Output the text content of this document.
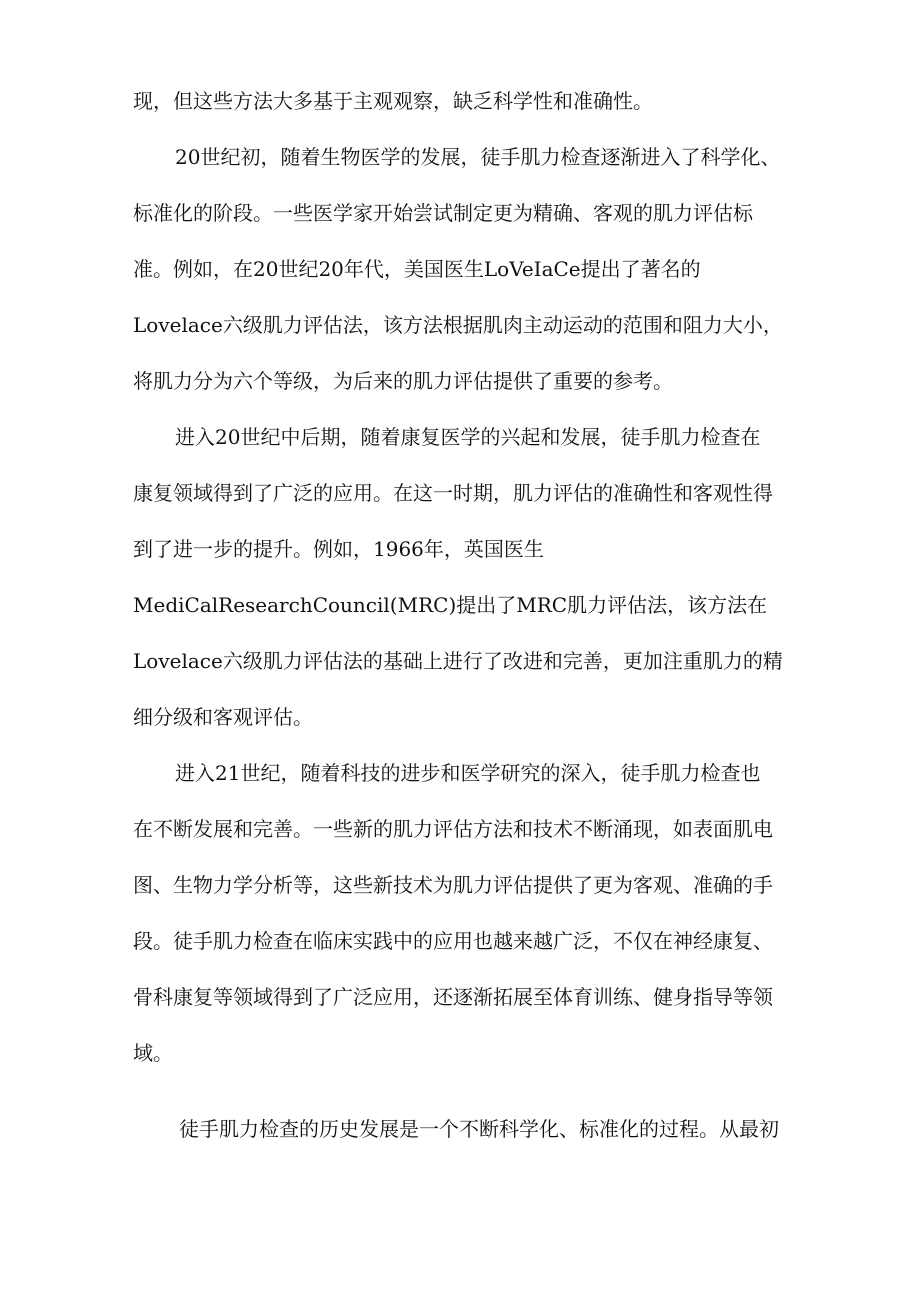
现，但这些方法大多基于主观观察，缺乏科学性和准确性。
20世纪初，随着生物医学的发展，徒手肌力检查逐渐进入了科学化、
标准化的阶段。一些医学家开始尝试制定更为精确、客观的肌力评估标
准。例如，在20世纪20年代，美国医生LoVeIaCe提出了著名的
Lovelace六级肌力评估法，该方法根据肌肉主动运动的范围和阻力大小，
将肌力分为六个等级，为后来的肌力评估提供了重要的参考。
进入20世纪中后期，随着康复医学的兴起和发展，徒手肌力检查在
康复领域得到了广泛的应用。在这一时期，肌力评估的准确性和客观性得
到了进一步的提升。例如，1966年，英国医生
MediCalResearchCouncil(MRC)提出了MRC肌力评估法，该方法在
Lovelace六级肌力评估法的基础上进行了改进和完善，更加注重肌力的精
细分级和客观评估。
进入21世纪，随着科技的进步和医学研究的深入，徒手肌力检查也
在不断发展和完善。一些新的肌力评估方法和技术不断涌现，如表面肌电
图、生物力学分析等，这些新技术为肌力评估提供了更为客观、准确的手
段。徒手肌力检查在临床实践中的应用也越来越广泛，不仅在神经康复、
骨科康复等领域得到了广泛应用，还逐渐拓展至体育训练、健身指导等领
域。
徒手肌力检查的历史发展是一个不断科学化、标准化的过程。从最初
